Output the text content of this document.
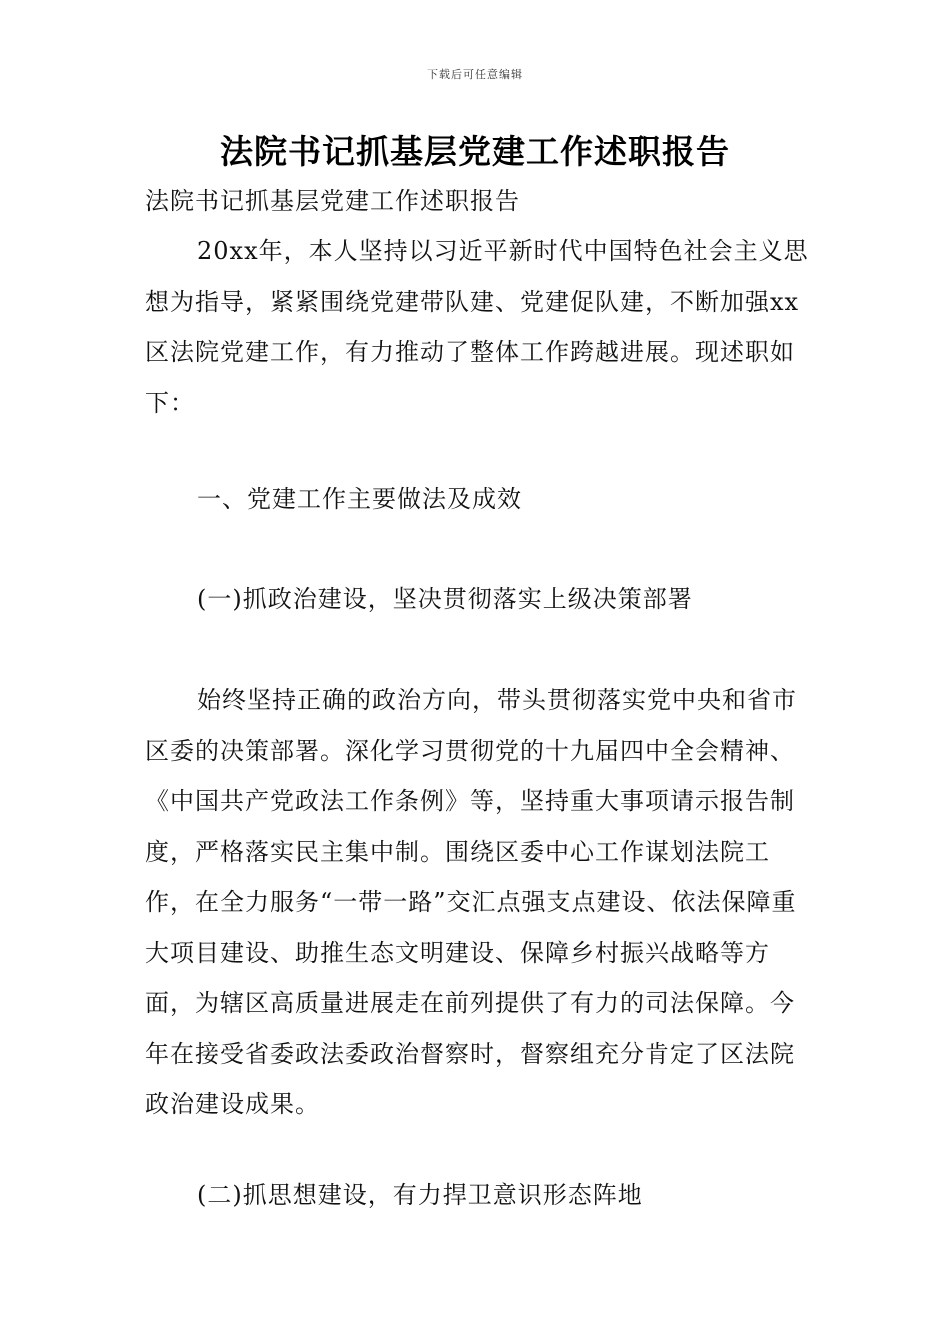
下载后可任意编辑
法院书记抓基层党建工作述职报告

法院书记抓基层党建工作述职报告

20xx年，本人坚持以习近平新时代中国特色社会主义思想为指导，紧紧围绕党建带队建、党建促队建，不断加强xx区法院党建工作，有力推动了整体工作跨越进展。现述职如下：

一、党建工作主要做法及成效

(一)抓政治建设，坚决贯彻落实上级决策部署

始终坚持正确的政治方向，带头贯彻落实党中央和省市区委的决策部署。深化学习贯彻党的十九届四中全会精神、《中国共产党政法工作条例》等，坚持重大事项请示报告制度，严格落实民主集中制。围绕区委中心工作谋划法院工作，在全力服务“一带一路”交汇点强支点建设、依法保障重大项目建设、助推生态文明建设、保障乡村振兴战略等方面，为辖区高质量进展走在前列提供了有力的司法保障。今年在接受省委政法委政治督察时，督察组充分肯定了区法院政治建设成果。

(二)抓思想建设，有力捍卫意识形态阵地
